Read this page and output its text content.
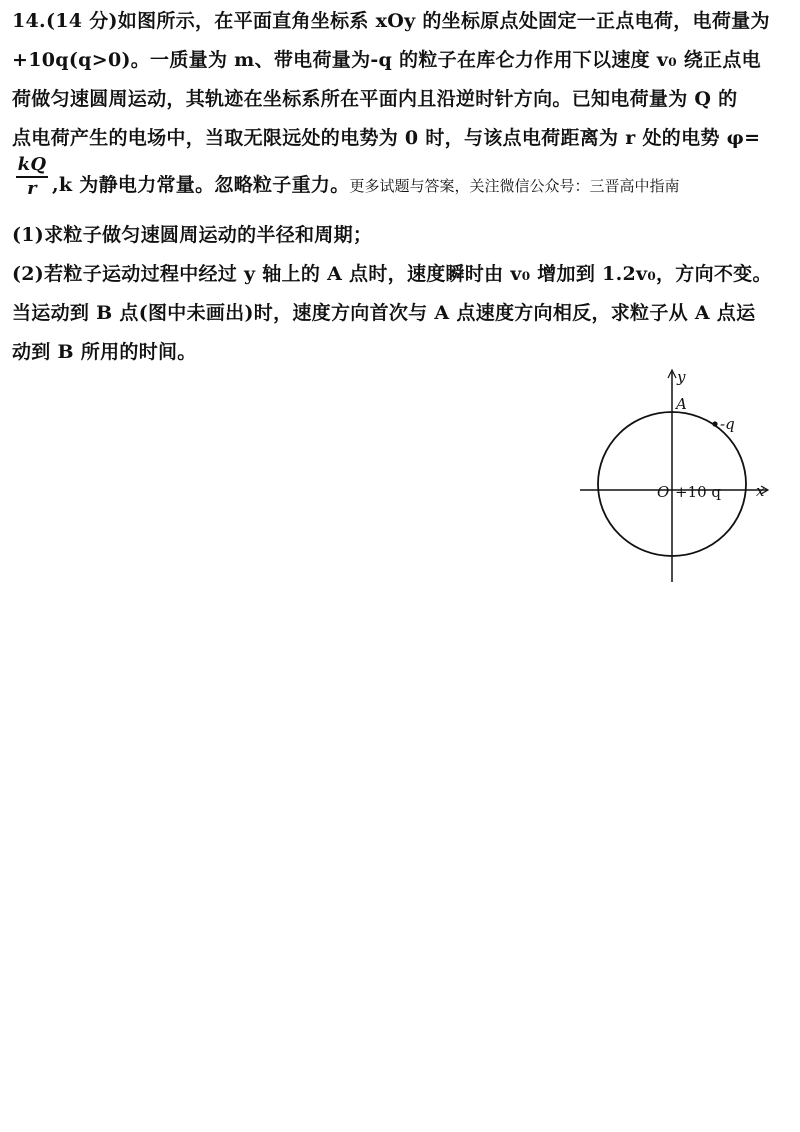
14.(14 分)如图所示，在平面直角坐标系 xOy 的坐标原点处固定一正点电荷，电荷量为
+10q(q>0)。一质量为 m、带电荷量为-q 的粒子在库仑力作用下以速度 v₀ 绕正点电
荷做匀速圆周运动，其轨迹在坐标系所在平面内且沿逆时针方向。已知电荷量为 Q 的
点电荷产生的电场中，当取无限远处的电势为 0 时，与该点电荷距离为 r 处的电势 φ=
kQ
r ,k 为静电力常量。忽略粒子重力。更多试题与答案，关注微信公众号：三晋高中指南
(1)求粒子做匀速圆周运动的半径和周期；
(2)若粒子运动过程中经过 y 轴上的 A 点时，速度瞬时由 v₀ 增加到 1.2v₀，方向不变。
当运动到 B 点(图中未画出)时，速度方向首次与 A 点速度方向相反，求粒子从 A 点运
动到 B 所用的时间。
y
x
A
-q
O +10 q
